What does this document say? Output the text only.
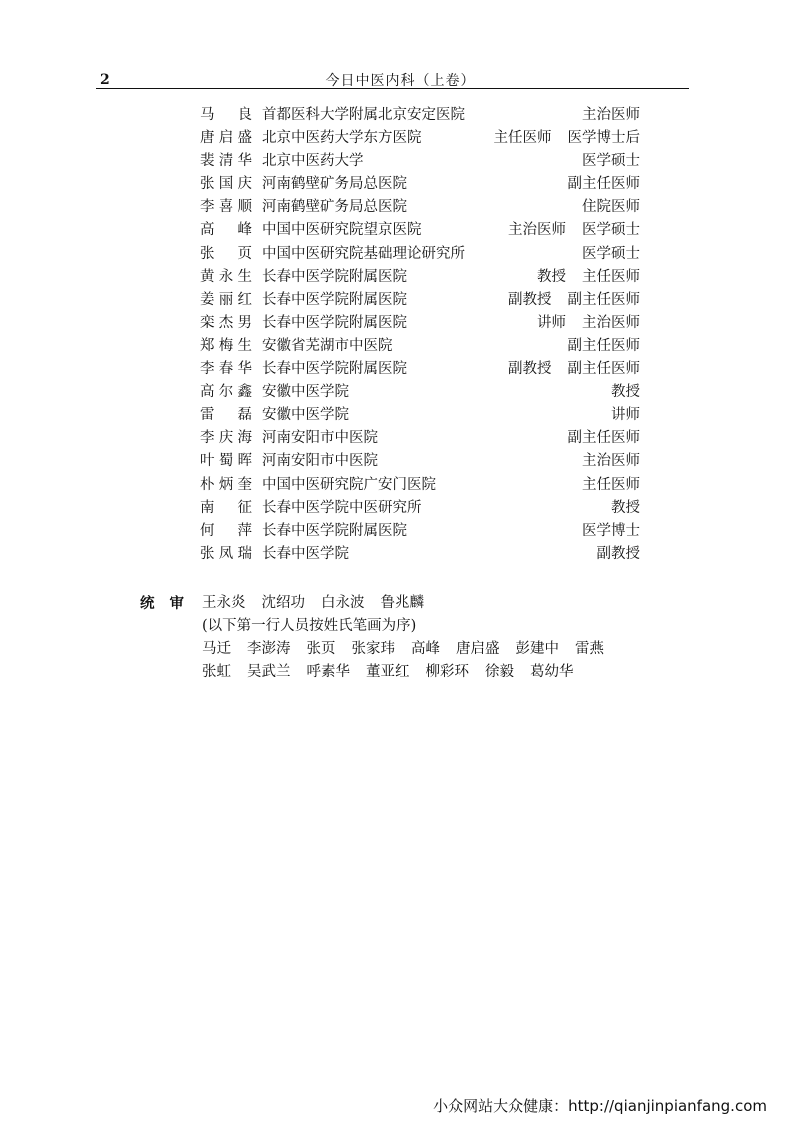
2	今日中医内科（上卷）
马 良 首都医科大学附属北京安定医院	主治医师
唐启盛 北京中医药大学东方医院	主任医师 医学博士后
裴清华 北京中医药大学	医学硕士
张国庆 河南鹤壁矿务局总医院	副主任医师
李喜顺 河南鹤壁矿务局总医院	住院医师
高 峰 中国中医研究院望京医院	主治医师 医学硕士
张 页 中国中医研究院基础理论研究所	医学硕士
黄永生 长春中医学院附属医院	教授 主任医师
姜丽红 长春中医学院附属医院	副教授 副主任医师
栾杰男 长春中医学院附属医院	讲师 主治医师
郑梅生 安徽省芜湖市中医院	副主任医师
李春华 长春中医学院附属医院	副教授 副主任医师
高尔鑫 安徽中医学院	教授
雷 磊 安徽中医学院	讲师
李庆海 河南安阳市中医院	副主任医师
叶蜀晖 河南安阳市中医院	主治医师
朴炳奎 中国中医研究院广安门医院	主任医师
南 征 长春中医学院中医研究所	教授
何 萍 长春中医学院附属医院	医学博士
张凤瑞 长春中医学院	副教授
统 审 王永炎 沈绍功 白永波 鲁兆麟
(以下第一行人员按姓氏笔画为序)
马迁 李澎涛 张页 张家玮 高峰 唐启盛 彭建中 雷燕
张虹 吴武兰 呼素华 董亚红 柳彩环 徐毅 葛幼华
小众网站大众健康：http://qianjinpianfang.com
